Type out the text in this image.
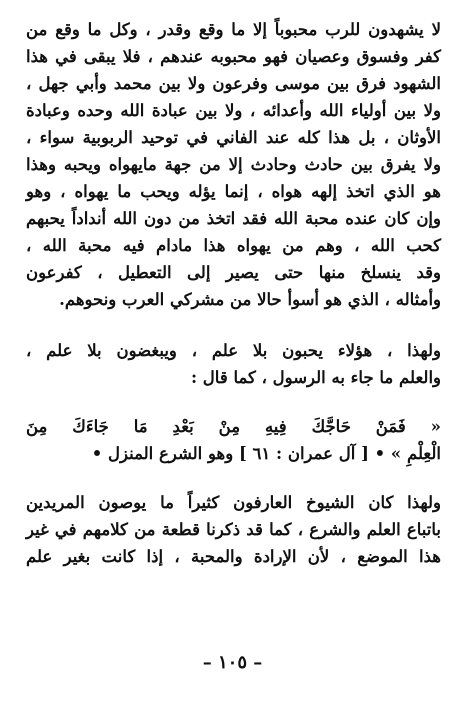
لا يشهدون للرب محبوباً إلا ما وقع وقدر ، وكل ما وقع من
كفر وفسوق وعصيان فهو محبوبه عندهم ، فلا يبقى في هذا
الشهود فرق بين موسى وفرعون ولا بين محمد وأبي جهل ،
ولا بين أولياء الله وأعدائه ، ولا بين عبادة الله وحده وعبادة
الأوثان ، بل هذا كله عند الفاني في توحيد الربوبية سواء ،
ولا يفرق بين حادث وحادث إلا من جهة مايهواه ويحبه وهذا
هو الذي اتخذ إلهه هواه ، إنما يؤله ويحب ما يهواه ، وهو
وإن كان عنده محبة الله فقد اتخذ من دون الله أنداداً يحبهم
كحب الله ، وهم من يهواه هذا مادام فيه محبة الله ،
وقد ينسلخ منها حتى يصير إلى التعطيل ، كفرعون
وأمثاله ، الذي هو أسوأ حالا من مشركي العرب ونحوهم.
ولهذا ، هؤلاء يحبون بلا علم ، ويبغضون بلا علم ،
والعلم ما جاء به الرسول ، كما قال :
« فَمَنْ حَاجَّكَ فِيهِ مِنْ بَعْدِ مَا جَاءَكَ مِنَ
الْعِلْمِ » • [ آل عمران : ٦١ ] وهو الشرع المنزل •
ولهذا كان الشيوخ العارفون كثيراً ما يوصون المريدين
باتباع العلم والشرع ، كما قد ذكرنا قطعة من كلامهم في غير
هذا الموضع ، لأن الإرادة والمحبة ، إذا كانت بغير علم
– ١٠٥ –
